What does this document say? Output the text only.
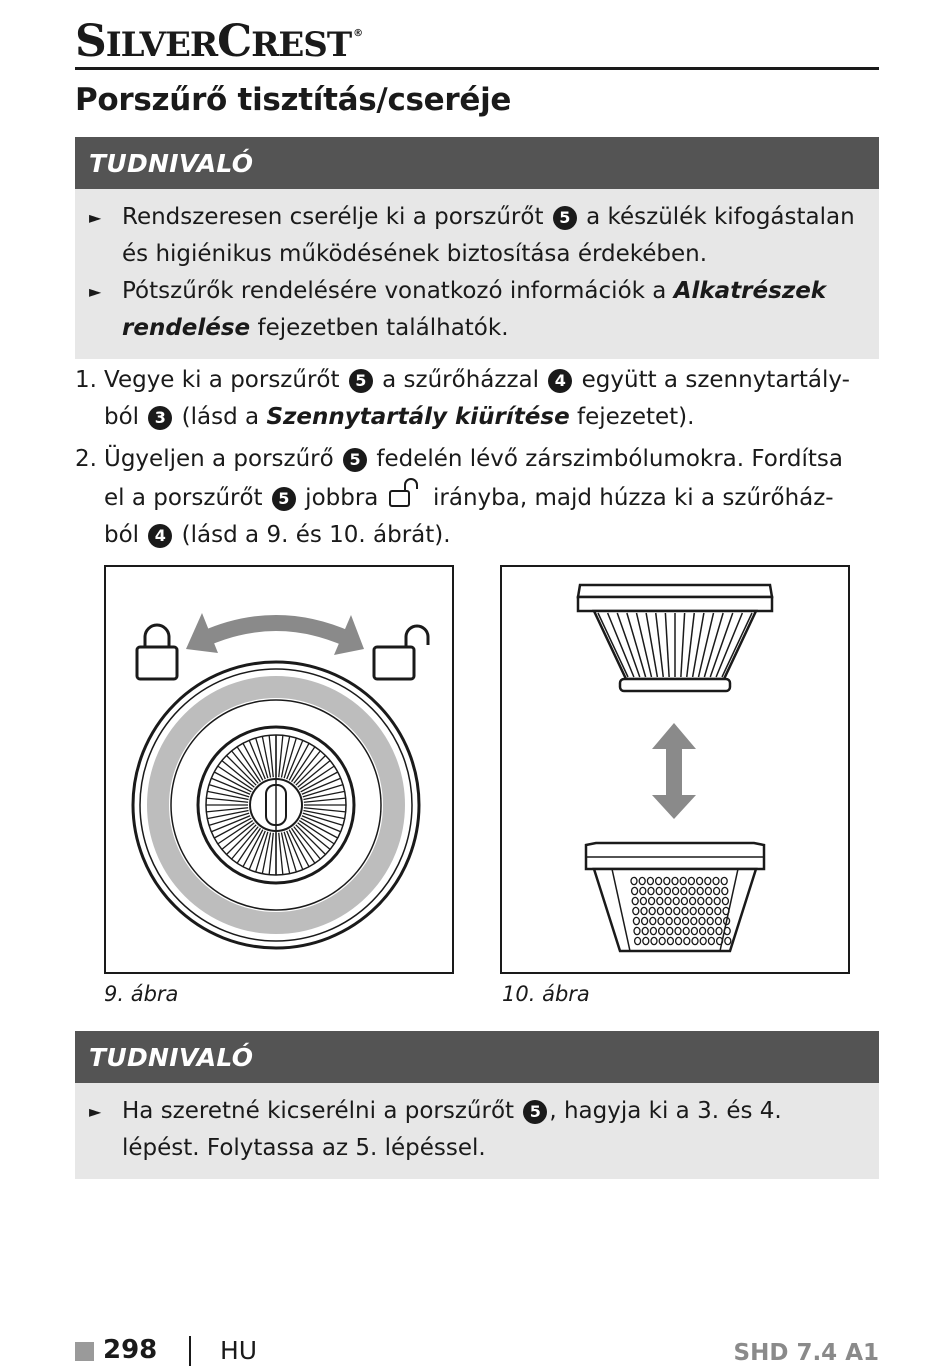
SILVERCREST ®
Porszűrő tisztítás/cseréje
TUDNIVALÓ
► Rendszeresen cserélje ki a porszűrőt 5 a készülék kifogástalan
és higiénikus működésének biztosítása érdekében.
► Pótszűrők rendelésére vonatkozó információk a Alkatrészek
rendelése fejezetben találhatók.
1. Vegye ki a porszűrőt 5 a szűrőházzal 4 együtt a szennytartály-
ból 3 (lásd a Szennytartály kiürítése fejezetet).
2. Ügyeljen a porszűrő 5 fedelén lévő zárszimbólumokra. Fordítsa
el a porszűrőt 5 jobbra  irányba, majd húzza ki a szűrőház-
ból 4 (lásd a 9. és 10. ábrát).
TUDNIVALÓ
► Ha szeretné kicserélni a porszűrőt 5 , hagyja ki a 3. és 4.
lépést. Folytassa az 5. lépéssel.
9. ábra	10. ábra
298	HU	SHD 7.4 A1
